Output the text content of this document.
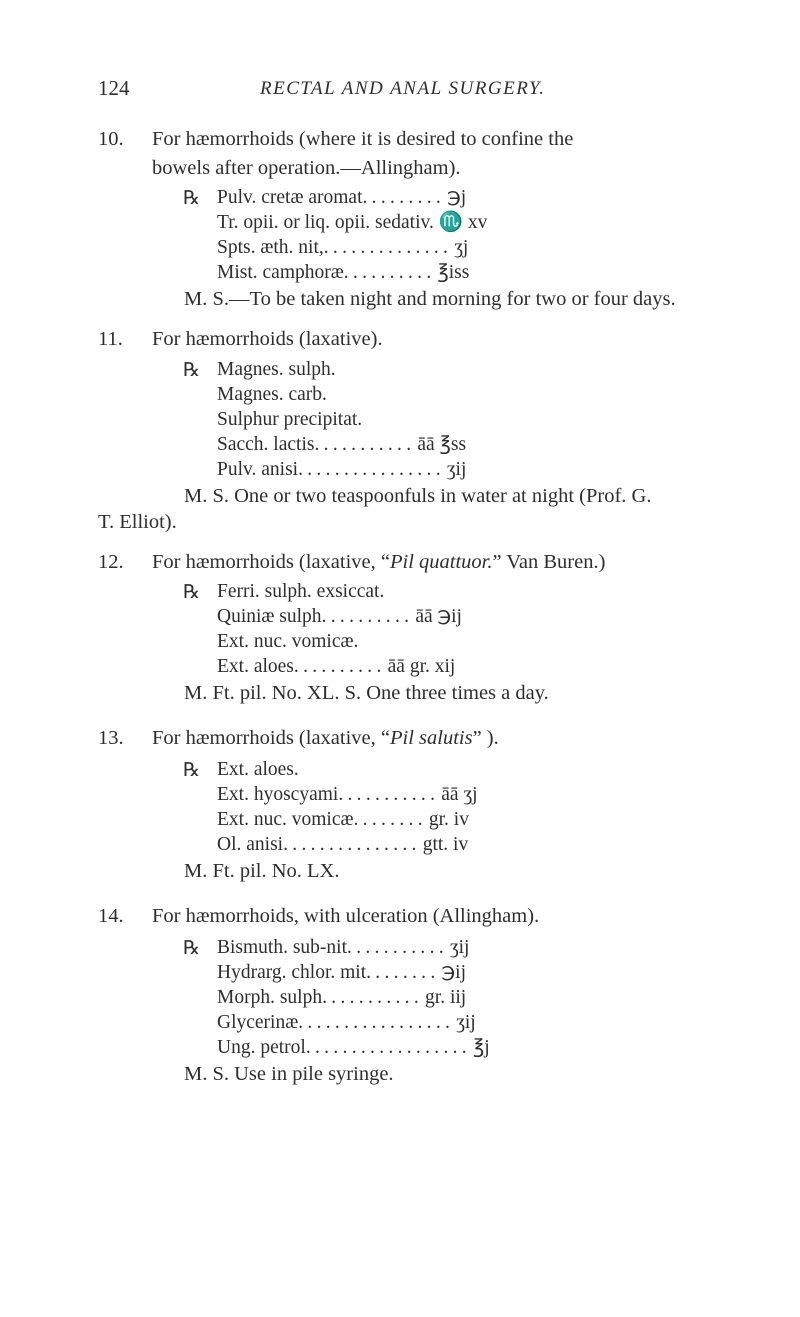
124	RECTAL AND ANAL SURGERY.
10. For hæmorrhoids (where it is desired to confine the
bowels after operation.—Allingham).
℞ Pulv. cretæ aromat......... ℈j
Tr. opii. or liq. opii. sedativ. ♏ xv
Spts. æth. nit,.............. ʒj
Mist. camphoræ.......... ℥iss
M. S.—To be taken night and morning for two or four days.
11. For hæmorrhoids (laxative).
℞ Magnes. sulph.
Magnes. carb.
Sulphur precipitat.
Sacch. lactis........... āā ℥ss
Pulv. anisi................ ʒij
M. S. One or two teaspoonfuls in water at night (Prof. G.
T. Elliot).
12. For hæmorrhoids (laxative, “Pil quattuor.” Van Buren.)
℞ Ferri. sulph. exsiccat.
Quiniæ sulph.......... āā ℈ij
Ext. nuc. vomicæ.
Ext. aloes.......... āā gr. xij
M. Ft. pil. No. XL. S. One three times a day.
13. For hæmorrhoids (laxative, “Pil salutis” ).
℞ Ext. aloes.
Ext. hyoscyami........... āā ʒj
Ext. nuc. vomicæ........ gr. iv
Ol. anisi............... gtt. iv
M. Ft. pil. No. LX.
14. For hæmorrhoids, with ulceration (Allingham).
℞ Bismuth. sub-nit........... ʒij
Hydrarg. chlor. mit........ ℈ij
Morph. sulph........... gr. iij
Glycerinæ................. ʒij
Ung. petrol.................. ℥j
M. S. Use in pile syringe.
